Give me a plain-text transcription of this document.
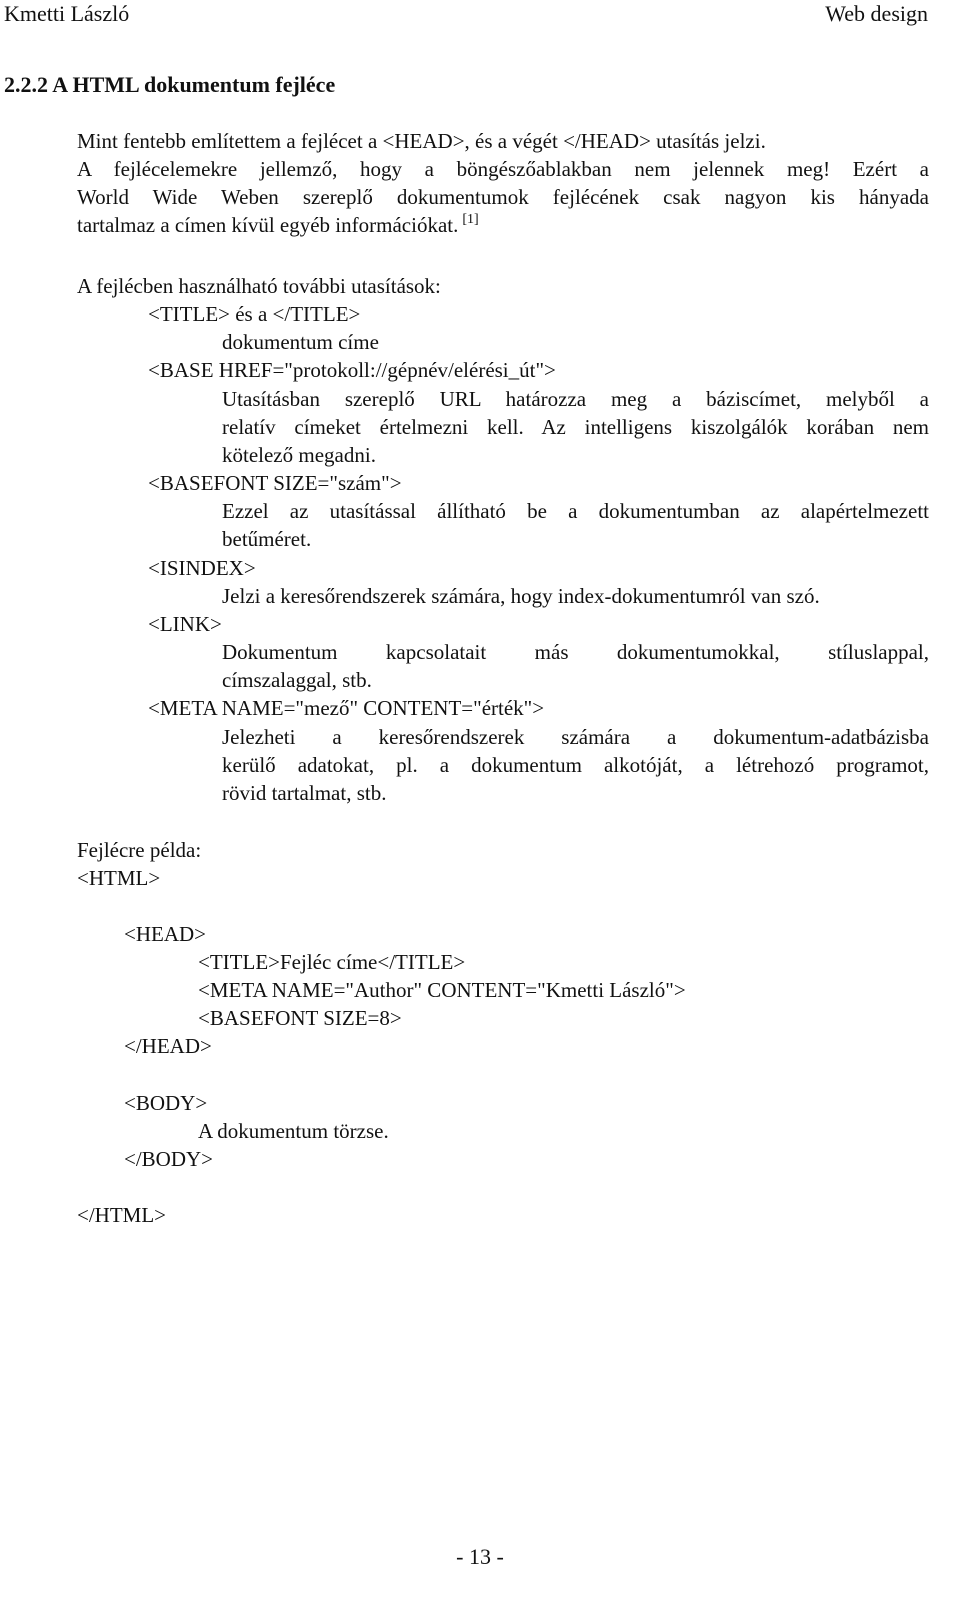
Kmetti László	Web design
2.2.2 A HTML dokumentum fejléce
Mint fentebb említettem a fejlécet a <HEAD>, és a végét </HEAD> utasítás jelzi.
A fejlécelemekre jellemző, hogy a böngészőablakban nem jelennek meg! Ezért a
World Wide Weben szereplő dokumentumok fejlécének csak nagyon kis hányada
tartalmaz a címen kívül egyéb információkat. [1]
A fejlécben használható további utasítások:
<TITLE> és a </TITLE>
dokumentum címe
<BASE HREF="protokoll://gépnév/elérési_út">
Utasításban szereplő URL határozza meg a báziscímet, melyből a
relatív címeket értelmezni kell. Az intelligens kiszolgálók korában nem
kötelező megadni.
<BASEFONT SIZE="szám">
Ezzel az utasítással állítható be a dokumentumban az alapértelmezett
betűméret.
<ISINDEX>
Jelzi a keresőrendszerek számára, hogy index-dokumentumról van szó.
<LINK>
Dokumentum kapcsolatait más dokumentumokkal, stíluslappal,
címszalaggal, stb.
<META NAME="mező" CONTENT="érték">
Jelezheti a keresőrendszerek számára a dokumentum-adatbázisba
kerülő adatokat, pl. a dokumentum alkotóját, a létrehozó programot,
rövid tartalmat, stb.
Fejlécre példa:
<HTML>
<HEAD>
<TITLE>Fejléc címe</TITLE>
<META NAME="Author" CONTENT="Kmetti László">
<BASEFONT SIZE=8>
</HEAD>
<BODY>
A dokumentum törzse.
</BODY>
</HTML>
- 13 -
